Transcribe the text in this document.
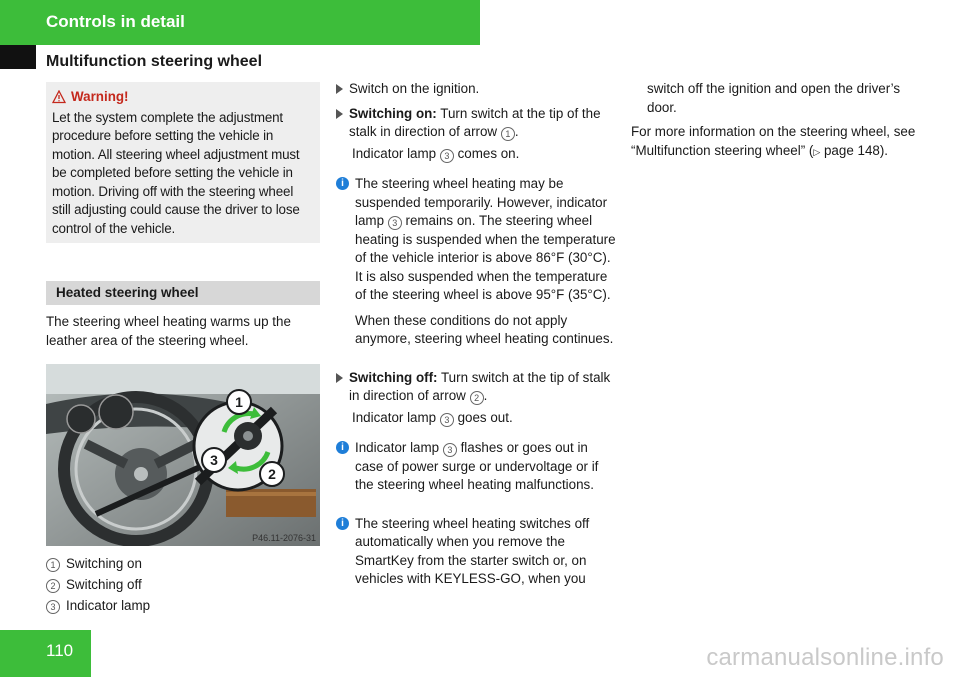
Controls in detail
Multifunction steering wheel
Warning!

Let the system complete the adjustment procedure before setting the vehicle in motion. All steering wheel adjustment must be completed before setting the vehicle in motion. Driving off with the steering wheel still adjusting could cause the driver to lose control of the vehicle.

Heated steering wheel

The steering wheel heating warms up the leather area of the steering wheel.

1
3
2
P46.11-2076-31
1 Switching on
2 Switching off
3 Indicator lamp
Switch on the ignition.
Switching on: Turn switch at the tip of the stalk in direction of arrow 1 .
Indicator lamp 3 comes on.
i The steering wheel heating may be suspended temporarily. However, indicator lamp 3 remains on. The steering wheel heating is suspended when the temperature of the vehicle interior is above 86°F (30°C). It is also suspended when the temperature of the steering wheel is above 95°F (35°C).

When these conditions do not apply anymore, steering wheel heating continues.

Switching off: Turn switch at the tip of stalk in direction of arrow 2 .
Indicator lamp 3 goes out.
i Indicator lamp 3 flashes or goes out in case of power surge or undervoltage or if the steering wheel heating malfunctions.

i The steering wheel heating switches off automatically when you remove the SmartKey from the starter switch or, on vehicles with KEYLESS-GO, when you

switch off the ignition and open the driver’s door.

For more information on the steering wheel, see “Multifunction steering wheel” (▷ page 148).

110	carmanualsonline.info
